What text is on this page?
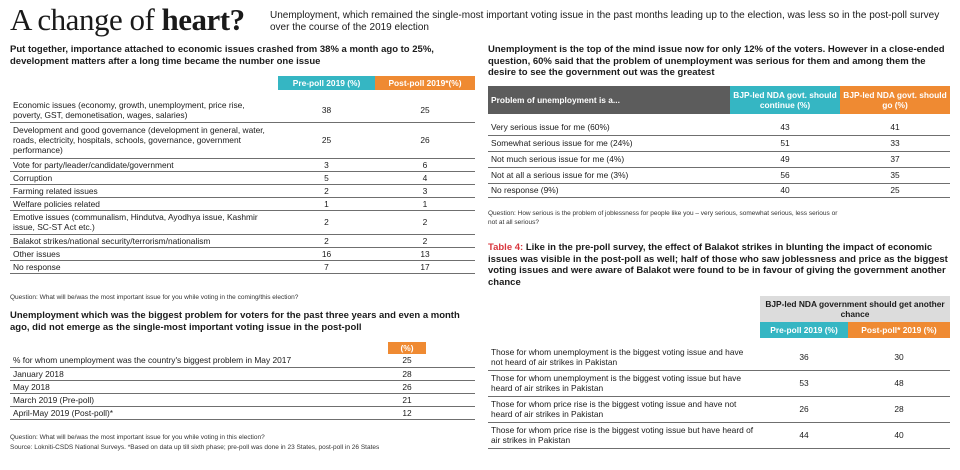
A change of heart?	Unemployment, which remained the single-most important voting issue in the past months leading up to the election, was less so in the post-poll survey over the course of the 2019 election
Put together, importance attached to economic issues crashed from 38% a month ago to 25%, development matters after a long time became the number one issue
	Pre-poll 2019 (%)	Post-poll 2019*(%)

Economic issues (economy, growth, unemployment, price rise, poverty, GST, demonetisation, wages, salaries)	38	25
Development and good governance (development in general, water, roads, electricity, hospitals, schools, governance, government performance)	25	26
Vote for party/leader/candidate/government	3	6
Corruption	5	4
Farming related issues	2	3
Welfare policies related	1	1
Emotive issues (communalism, Hindutva, Ayodhya issue, Kashmir issue, SC-ST Act etc.)	2	2
Balakot strikes/national security/terrorism/nationalism	2	2
Other issues	16	13
No response	7	17
Question: What will be/was the most important issue for you while voting in the coming/this election?
Unemployment which was the biggest problem for voters for the past three years and even a month ago, did not emerge as the single-most important voting issue in the post-poll
	(%)	
% for whom unemployment was the country's biggest problem in May 2017	25	
January 2018	28	
May 2018	26	
March 2019 (Pre-poll)	21	
April-May 2019 (Post-poll)*	12	
Question: What will be/was the most important issue for you while voting in this election?
Source: Lokniti-CSDS National Surveys. *Based on data up till sixth phase; pre-poll was done in 23 States, post-poll in 26 States
Unemployment is the top of the mind issue now for only 12% of the voters. However in a close-ended question, 60% said that the problem of unemployment was serious for them and among them the desire to see the government out was the greatest
Problem of unemployment is a...	BJP-led NDA govt. should continue (%)	BJP-led NDA govt. should go (%)

Very serious issue for me (60%)	43	41
Somewhat serious issue for me (24%)	51	33
Not much serious issue for me (4%)	49	37
Not at all a serious issue for me (3%)	56	35
No response (9%)	40	25
Question: How serious is the problem of joblessness for people like you – very serious, somewhat serious, less serious or not at all serious?
Table 4: Like in the pre-poll survey, the effect of Balakot strikes in blunting the impact of economic issues was visible in the post-poll as well; half of those who saw joblessness and price as the biggest voting issues and were aware of Balakot were found to be in favour of giving the government another chance
	BJP-led NDA government should get another chance	
	Pre-poll 2019 (%)	Post-poll* 2019 (%)

Those for whom unemployment is the biggest voting issue and have not heard of air strikes in Pakistan	36	30
Those for whom unemployment is the biggest voting issue but have heard of air strikes in Pakistan	53	48
Those for whom price rise is the biggest voting issue and have not heard of air strikes in Pakistan	26	28
Those for whom price rise is the biggest voting issue but have heard of air strikes in Pakistan	44	40
